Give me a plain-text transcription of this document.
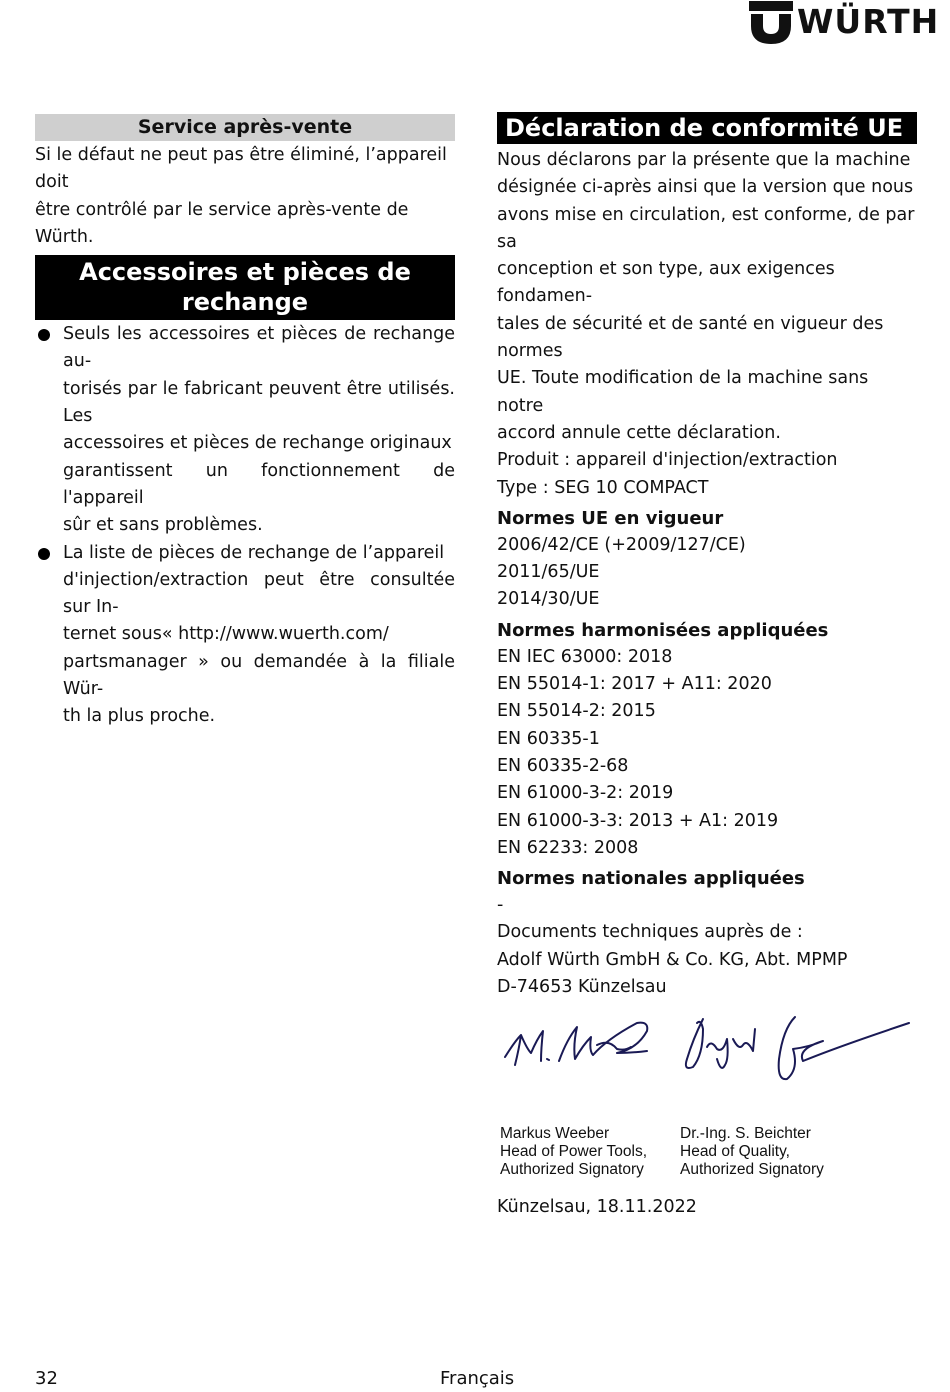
WÜRTH
Service après-vente
Si le défaut ne peut pas être éliminé, l’appareil doit
être contrôlé par le service après-vente de Würth.
Accessoires et pièces de
rechange
Seuls les accessoires et pièces de rechange au-
torisés par le fabricant peuvent être utilisés. Les
accessoires et pièces de rechange originaux
garantissent un fonctionnement de l'appareil
sûr et sans problèmes.
La liste de pièces de rechange de l’appareil
d'injection/extraction peut être consultée sur In-
ternet sous« http://www.wuerth.com/
partsmanager » ou demandée à la filiale Wür-
th la plus proche.
Déclaration de conformité UE
Nous déclarons par la présente que la machine
désignée ci-après ainsi que la version que nous
avons mise en circulation, est conforme, de par sa
conception et son type, aux exigences fondamen-
tales de sécurité et de santé en vigueur des normes
UE. Toute modification de la machine sans notre
accord annule cette déclaration.
Produit : appareil d'injection/extraction
Type : SEG 10 COMPACT
Normes UE en vigueur
2006/42/CE (+2009/127/CE)
2011/65/UE
2014/30/UE
Normes harmonisées appliquées
EN IEC 63000: 2018
EN 55014-1: 2017 + A11: 2020
EN 55014-2: 2015
EN 60335-1
EN 60335-2-68
EN 61000-3-2: 2019
EN 61000-3-3: 2013 + A1: 2019
EN 62233: 2008
Normes nationales appliquées
-
Documents techniques auprès de :
Adolf Würth GmbH & Co. KG, Abt. MPMP
D-74653 Künzelsau
Markus Weeber
Head of Power Tools,
Authorized Signatory
Dr.-Ing. S. Beichter
Head of Quality,
Authorized Signatory
Künzelsau, 18.11.2022
32	Français
